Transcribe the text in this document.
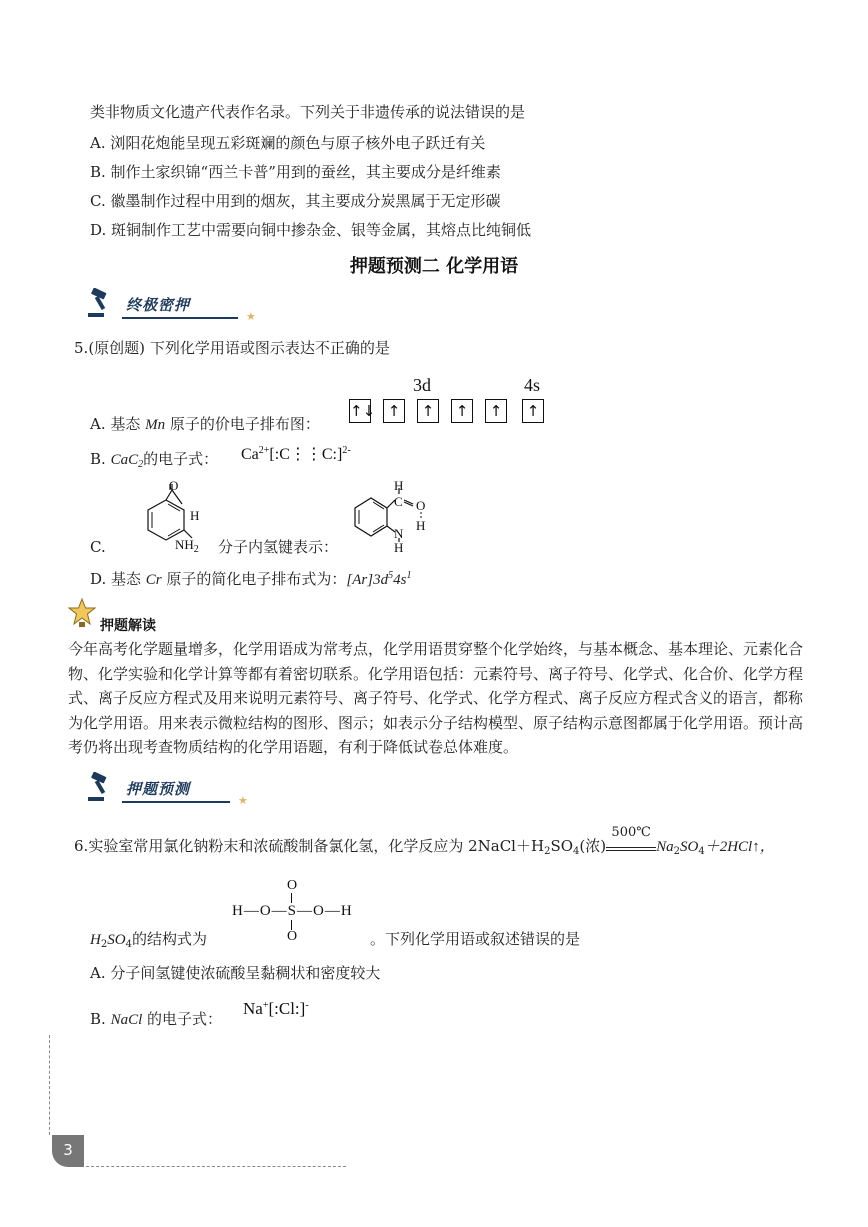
类非物质文化遗产代表作名录。下列关于非遗传承的说法错误的是
A. 浏阳花炮能呈现五彩斑斓的颜色与原子核外电子跃迁有关
B. 制作土家织锦“西兰卡普”用到的蚕丝，其主要成分是纤维素
C. 徽墨制作过程中用到的烟灰，其主要成分炭黑属于无定形碳
D. 斑铜制作工艺中需要向铜中掺杂金、银等金属，其熔点比纯铜低
押题预测二 化学用语
终极密押
★
5.(原创题) 下列化学用语或图示表达不正确的是
3d	4s
↑↓ ↑	↑	↑	↑	↑
A. 基态 Mn 原子的价电子排布图：
B. CaC$_2$的电子式： $Ca^{2+}[:C⋮⋮C:]^{2-}$
O
H
$NH_2$
C.	分子内氢键表示：
H
C O
H
N
H
D. 基态 Cr 原子的简化电子排布式为：$[Ar]3d^54s^1$
押题解读
今年高考化学题量增多，化学用语成为常考点，化学用语贯穿整个化学始终，与基本概念、基本理论、元素化合物、化学实验和化学计算等都有着密切联系。化学用语包括：元素符号、离子符号、化学式、化合价、化学方程式、离子反应方程式及用来说明元素符号、离子符号、化学式、化学方程式、离子反应方程式含义的语言，都称为化学用语。用来表示微粒结构的图形、图示；如表示分子结构模型、原子结构示意图都属于化学用语。预计高考仍将出现考查物质结构的化学用语题，有利于降低试卷总体难度。
押题预测
★
6.实验室常用氯化钠粉末和浓硫酸制备氯化氢，化学反应为 $2NaCl+H_2SO_4$(浓)
500℃
$Na_2SO_4+2HCl↑$，
O
H—O—S—O—H
O
$H_2SO_4$的结构式为	。下列化学用语或叙述错误的是
A. 分子间氢键使浓硫酸呈黏稠状和密度较大
B. NaCl 的电子式：
Na+[:Cl:]-
3
